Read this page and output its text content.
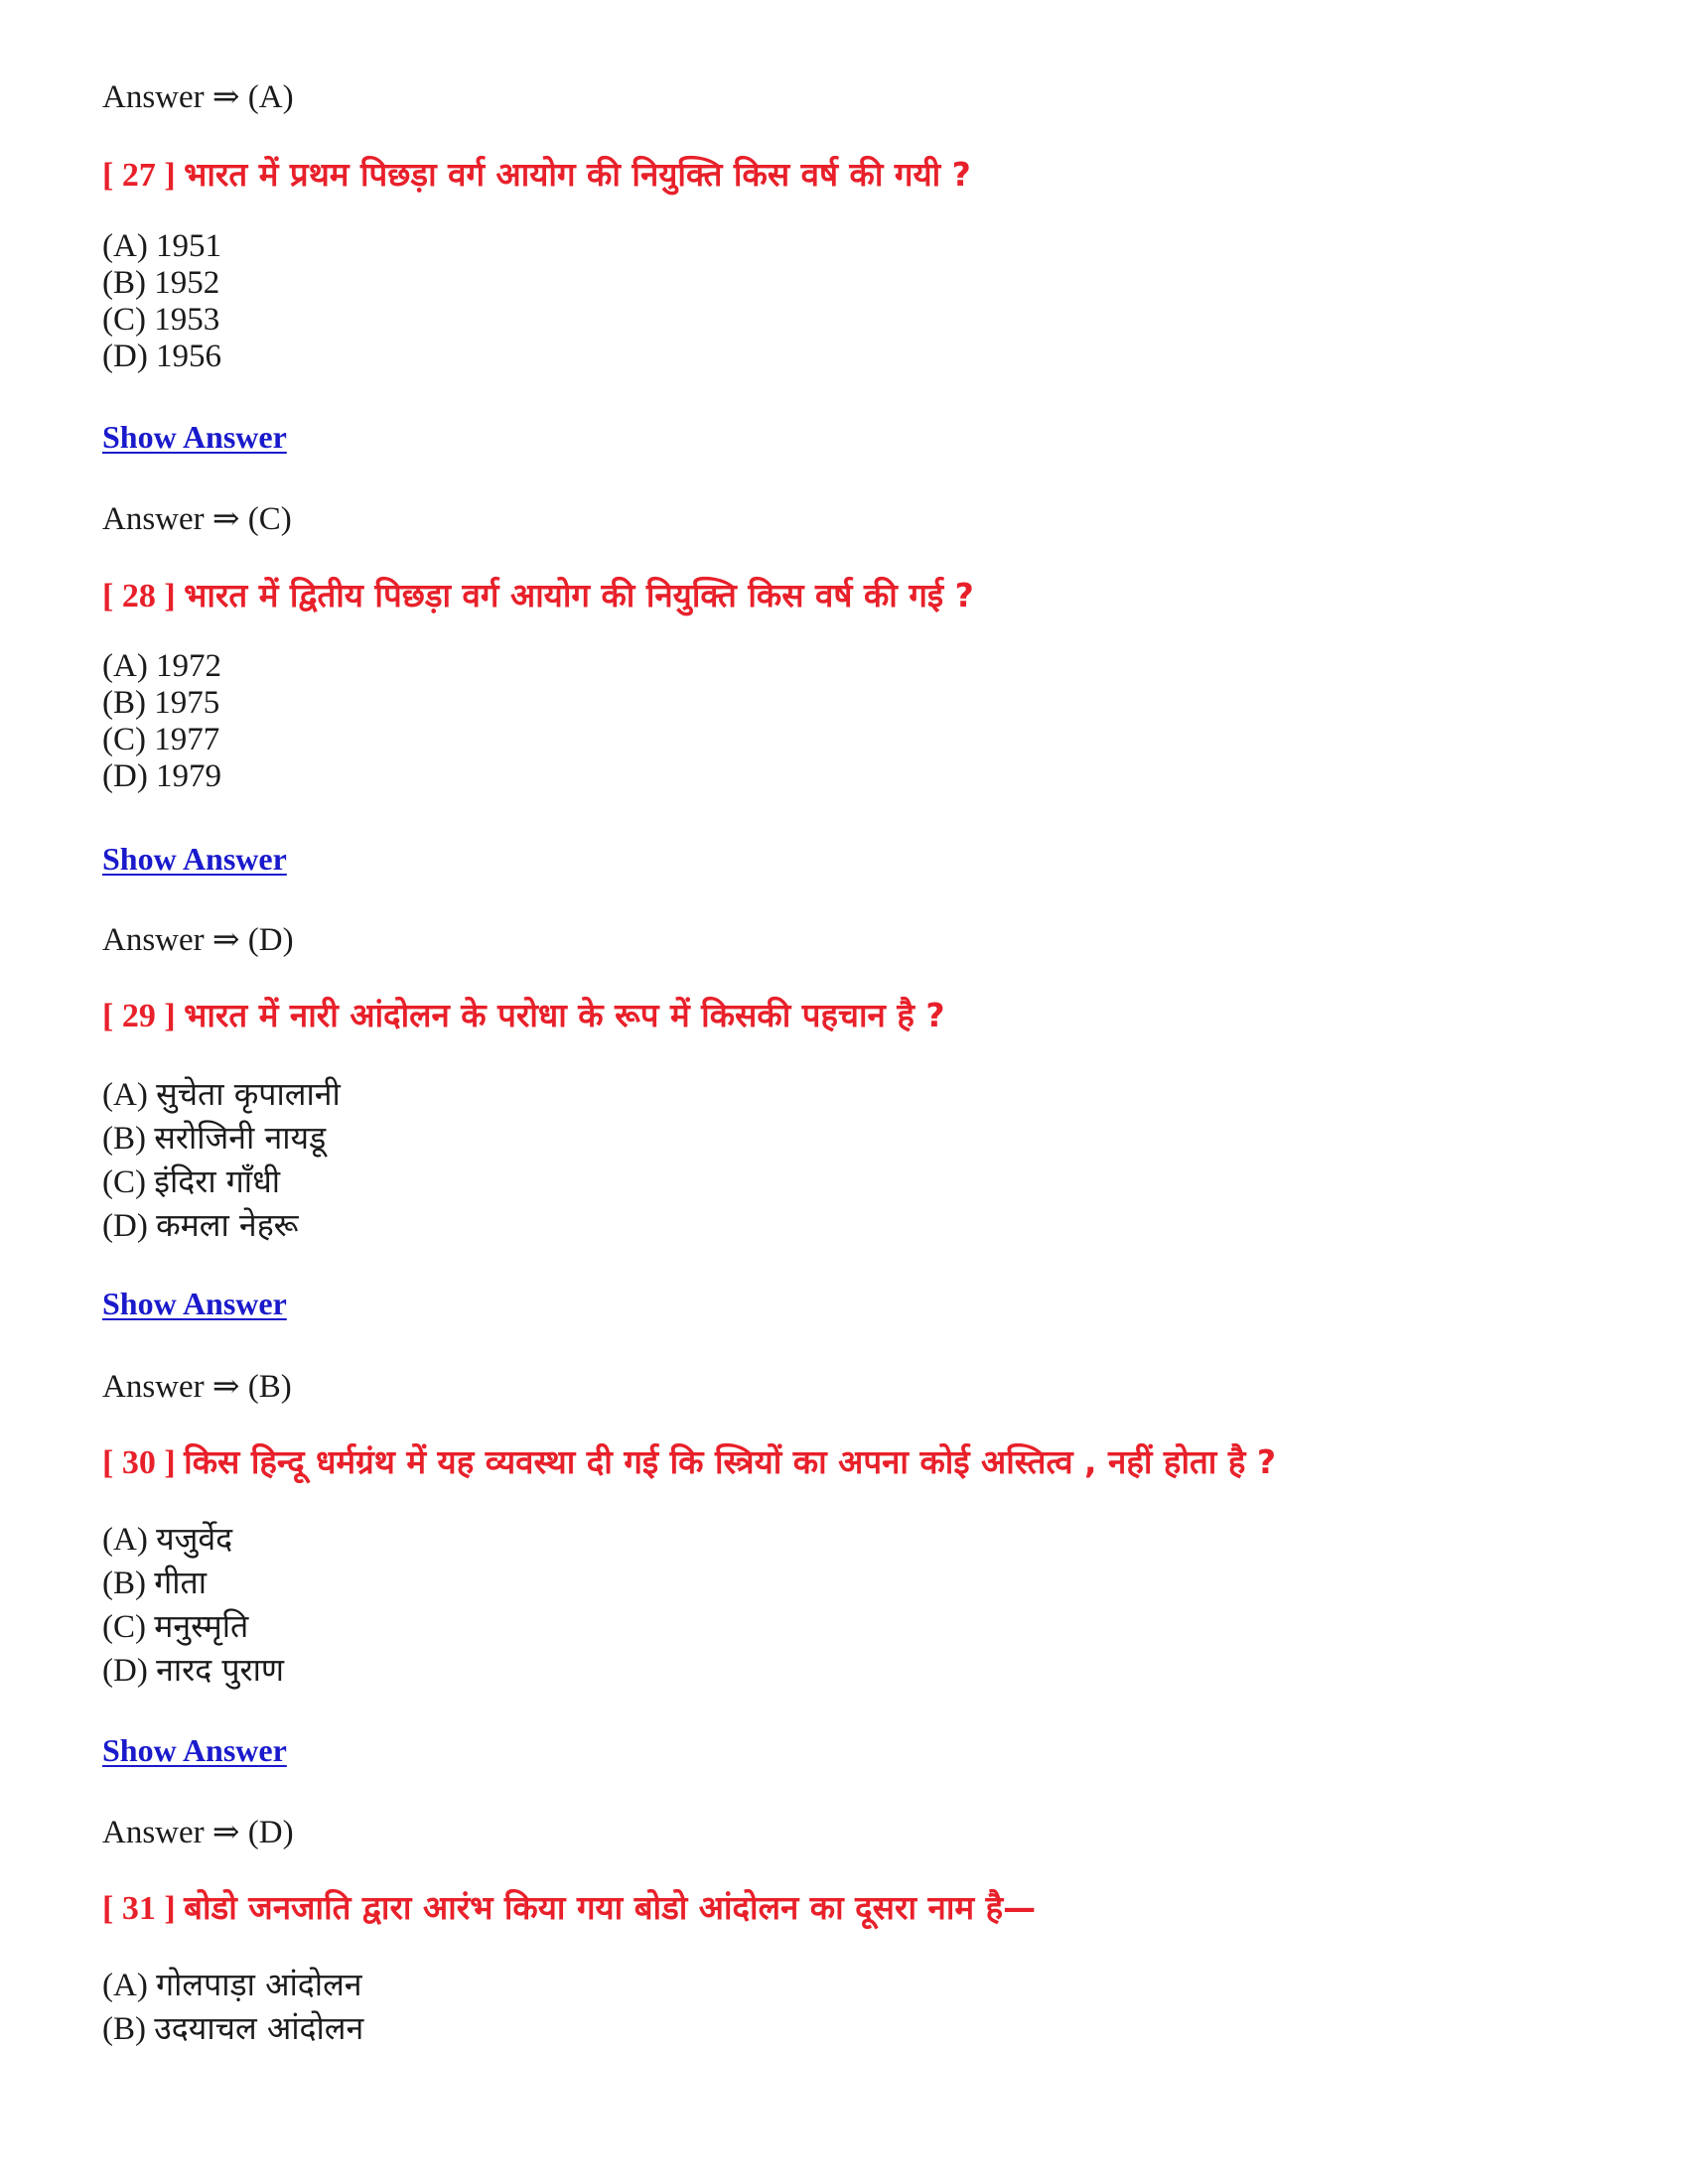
Answer ⇒ (A)
[ 27 ] भारत में प्रथम पिछड़ा वर्ग आयोग की नियुक्ति किस वर्ष की गयी ?
(A) 1951
(B) 1952
(C) 1953
(D) 1956
Show Answer
Answer ⇒ (C)
[ 28 ] भारत में द्वितीय पिछड़ा वर्ग आयोग की नियुक्ति किस वर्ष की गई ?
(A) 1972
(B) 1975
(C) 1977
(D) 1979
Show Answer
Answer ⇒ (D)
[ 29 ] भारत में नारी आंदोलन के परोधा के रूप में किसकी पहचान है ?
(A) सुचेता कृपालानी
(B) सरोजिनी नायडू
(C) इंदिरा गाँधी
(D) कमला नेहरू
Show Answer
Answer ⇒ (B)
[ 30 ] किस हिन्दू धर्मग्रंथ में यह व्यवस्था दी गई कि स्त्रियों का अपना कोई अस्तित्व , नहीं होता है ?
(A) यजुर्वेद
(B) गीता
(C) मनुस्मृति
(D) नारद पुराण
Show Answer
Answer ⇒ (D)
[ 31 ] बोडो जनजाति द्वारा आरंभ किया गया बोडो आंदोलन का दूसरा नाम है—
(A) गोलपाड़ा आंदोलन
(B) उदयाचल आंदोलन
